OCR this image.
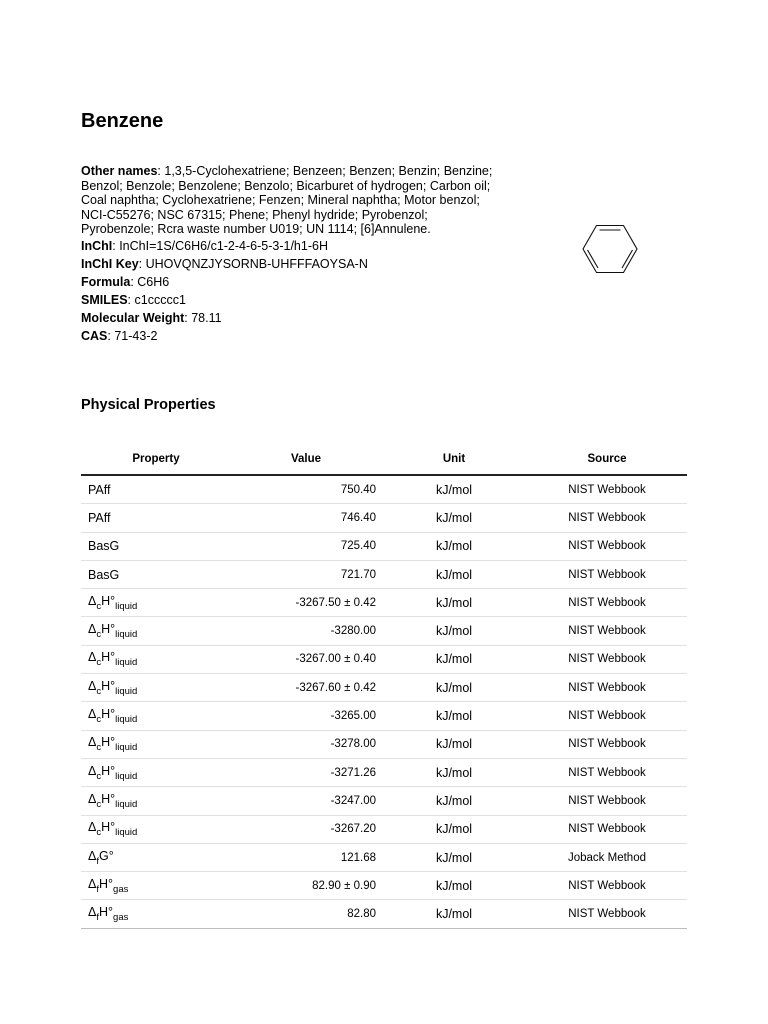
Benzene
Other names: 1,3,5-Cyclohexatriene; Benzeen; Benzen; Benzin; Benzine; Benzol; Benzole; Benzolene; Benzolo; Bicarburet of hydrogen; Carbon oil; Coal naphtha; Cyclohexatriene; Fenzen; Mineral naphtha; Motor benzol; NCI-C55276; NSC 67315; Phene; Phenyl hydride; Pyrobenzol; Pyrobenzole; Rcra waste number U019; UN 1114; [6]Annulene.
InChI: InChI=1S/C6H6/c1-2-4-6-5-3-1/h1-6H
InChI Key: UHOVQNZJYSORNB-UHFFFAOYSA-N
Formula: C6H6
SMILES: c1ccccc1
Molecular Weight: 78.11
CAS: 71-43-2
Physical Properties
Property	Value	Unit	Source
PAff	750.40	kJ/mol	NIST Webbook
PAff	746.40	kJ/mol	NIST Webbook
BasG	725.40	kJ/mol	NIST Webbook
BasG	721.70	kJ/mol	NIST Webbook
$\Delta_cH^\circ_{liquid}$	-3267.50 ± 0.42	kJ/mol	NIST Webbook
$\Delta_cH^\circ_{liquid}$	-3280.00	kJ/mol	NIST Webbook
$\Delta_cH^\circ_{liquid}$	-3267.00 ± 0.40	kJ/mol	NIST Webbook
$\Delta_cH^\circ_{liquid}$	-3267.60 ± 0.42	kJ/mol	NIST Webbook
$\Delta_cH^\circ_{liquid}$	-3265.00	kJ/mol	NIST Webbook
$\Delta_cH^\circ_{liquid}$	-3278.00	kJ/mol	NIST Webbook
$\Delta_cH^\circ_{liquid}$	-3271.26	kJ/mol	NIST Webbook
$\Delta_cH^\circ_{liquid}$	-3247.00	kJ/mol	NIST Webbook
$\Delta_cH^\circ_{liquid}$	-3267.20	kJ/mol	NIST Webbook
$\Delta_fG^\circ$	121.68	kJ/mol	Joback Method
$\Delta_fH^\circ_{gas}$	82.90 ± 0.90	kJ/mol	NIST Webbook
$\Delta_fH^\circ_{gas}$	82.80	kJ/mol	NIST Webbook
